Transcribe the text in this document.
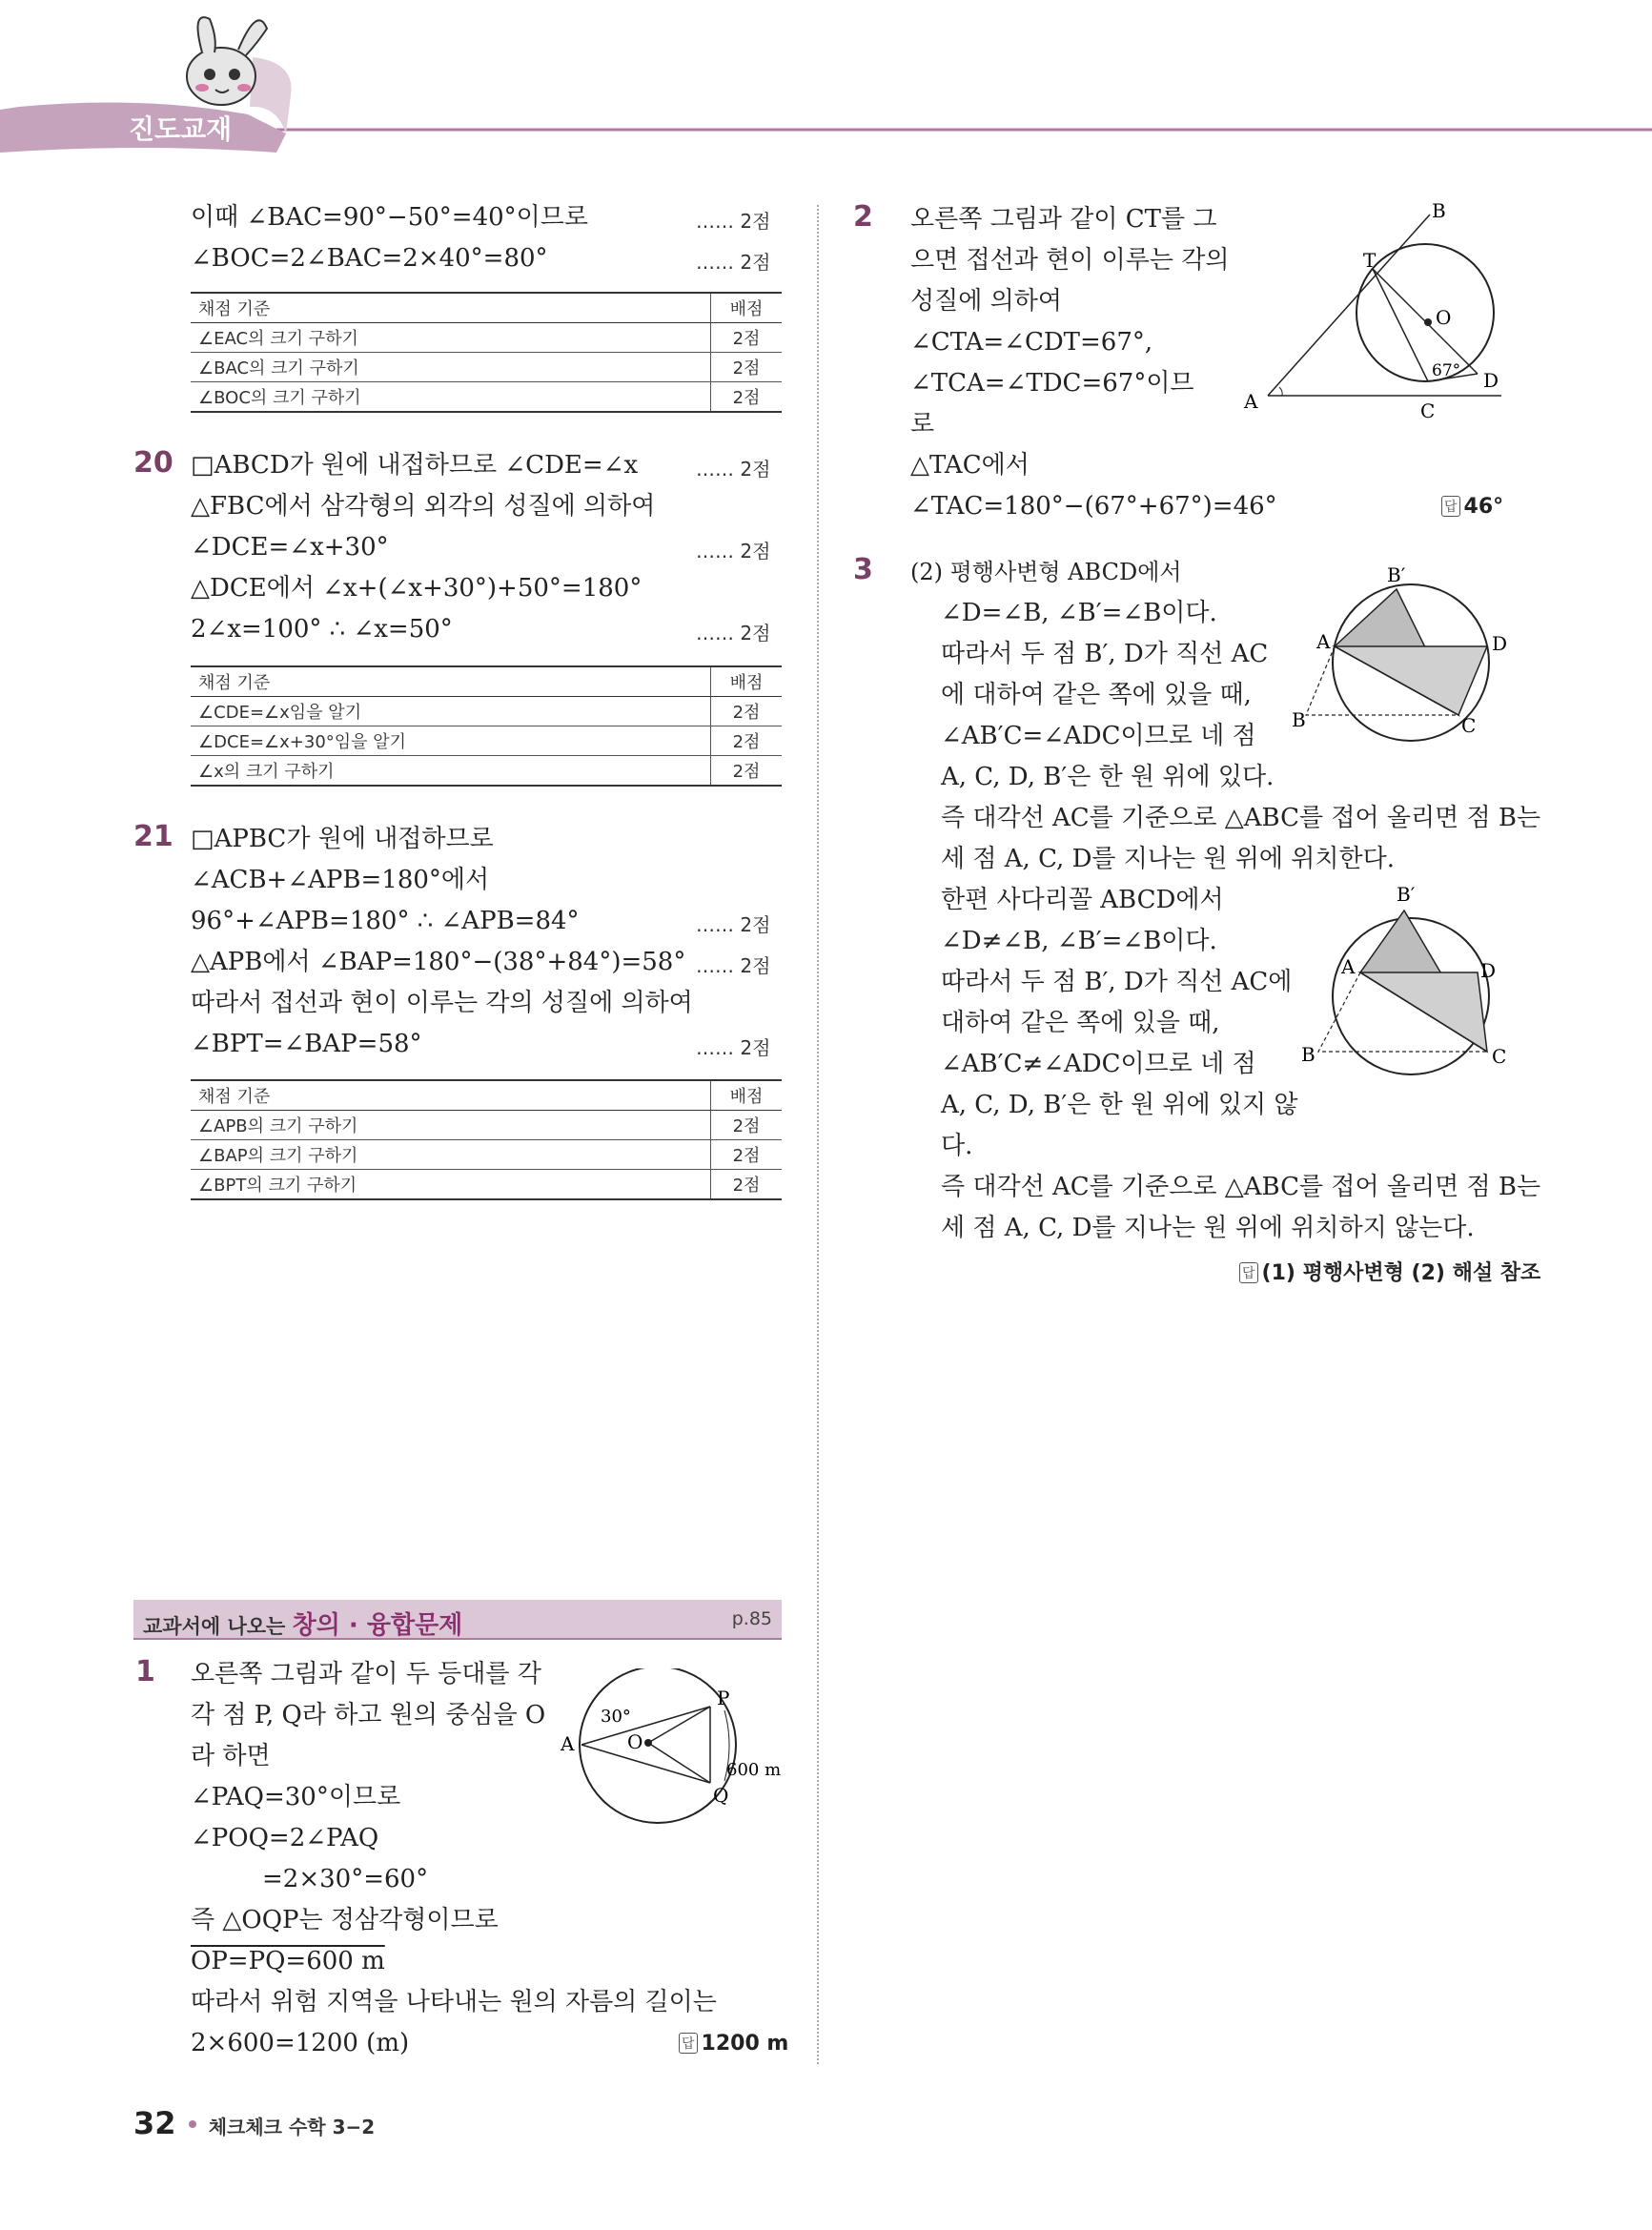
진도교재
이때 ∠BAC=90°−50°=40°이므로	…… 2점
∠BOC=2∠BAC=2×40°=80°	…… 2점
채점 기준	배점
∠EAC의 크기 구하기	2점
∠BAC의 크기 구하기	2점
∠BOC의 크기 구하기	2점
20 □ABCD가 원에 내접하므로 ∠CDE=∠x	…… 2점
△FBC에서 삼각형의 외각의 성질에 의하여
∠DCE=∠x+30°	…… 2점
△DCE에서 ∠x+(∠x+30°)+50°=180°
2∠x=100° ∴ ∠x=50°	…… 2점
채점 기준	배점
∠CDE=∠x임을 알기	2점
∠DCE=∠x+30°임을 알기	2점
∠x의 크기 구하기	2점
21 □APBC가 원에 내접하므로
∠ACB+∠APB=180°에서
96°+∠APB=180° ∴ ∠APB=84°	…… 2점
△APB에서 ∠BAP=180°−(38°+84°)=58° …… 2점
따라서 접선과 현이 이루는 각의 성질에 의하여
∠BPT=∠BAP=58°	…… 2점
채점 기준	배점
∠APB의 크기 구하기	2점
∠BAP의 크기 구하기	2점
∠BPT의 크기 구하기	2점
교과서에 나오는 창의 · 융합문제	p.85
1 오른쪽 그림과 같이 두 등대를 각
각 점 P, Q라 하고 원의 중심을 O
라 하면
∠PAQ=30°이므로
∠POQ=2∠PAQ
=2×30°=60°
즉 △OQP는 정삼각형이므로
OP=PQ=600 m
따라서 위험 지역을 나타내는 원의 자름의 길이는
2×600=1200 (m)	답 1200 m
A	O
P
Q
30°
600 m
2 오른쪽 그림과 같이 CT를 그
으면 접선과 현이 이루는 각의
성질에 의하여
∠CTA=∠CDT=67°,
∠TCA=∠TDC=67°이므
로
△TAC에서
∠TAC=180°−(67°+67°)=46°	답 46°
A
B
T
O
C
D
67°
3 (2) 평행사변형 ABCD에서
∠D=∠B, ∠B′=∠B이다.
따라서 두 점 B′, D가 직선 AC
에 대하여 같은 쪽에 있을 때,
∠AB′C=∠ADC이므로 네 점
A, C, D, B′은 한 원 위에 있다.
즉 대각선 AC를 기준으로 △ABC를 접어 올리면 점 B는
세 점 A, C, D를 지나는 원 위에 위치한다.
한편 사다리꼴 ABCD에서
∠D≠∠B, ∠B′=∠B이다.
따라서 두 점 B′, D가 직선 AC에
대하여 같은 쪽에 있을 때,
∠AB′C≠∠ADC이므로 네 점
A, C, D, B′은 한 원 위에 있지 않
다.
즉 대각선 AC를 기준으로 △ABC를 접어 올리면 점 B는
세 점 A, C, D를 지나는 원 위에 위치하지 않는다.
답 (1) 평행사변형 (2) 해설 참조
A
B	C
D
B′
A
B	C
D
B′
32 체크체크 수학 3−2
